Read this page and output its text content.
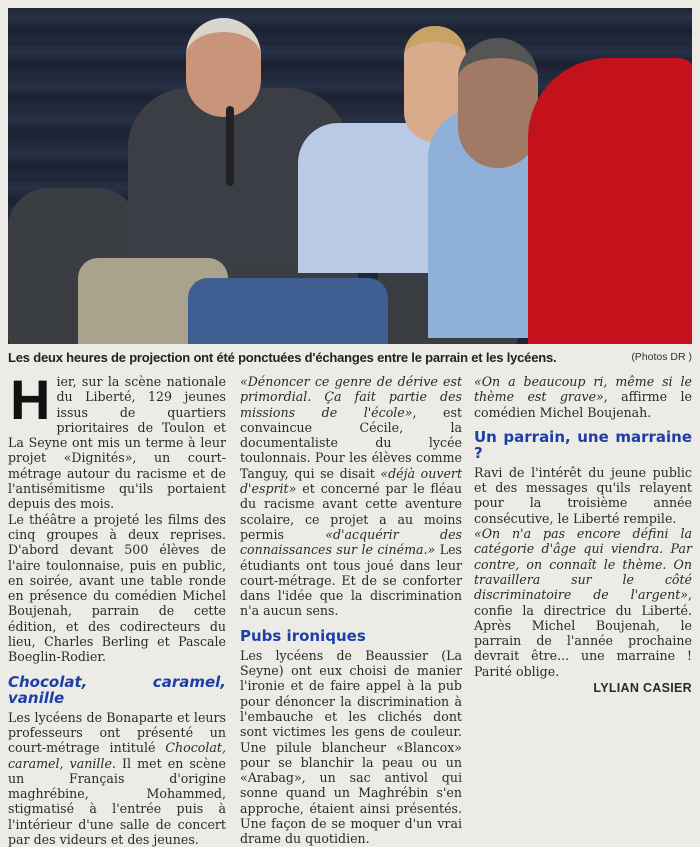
Les deux heures de projection ont été ponctuées d'échanges entre le parrain et les lycéens.	(Photos DR )

Hier, sur la scène nationale du Liberté, 129 jeunes issus de quartiers prioritaires de Toulon et La Seyne ont mis un terme à leur projet «Dignités», un court-métrage autour du racisme et de l'antisémitisme qu'ils portaient depuis des mois.

Le théâtre a projeté les films des cinq groupes à deux reprises. D'abord devant 500 élèves de l'aire toulonnaise, puis en public, en soirée, avant une table ronde en présence du comédien Michel Boujenah, parrain de cette édition, et des codirecteurs du lieu, Charles Berling et Pascale Boeglin-Rodier.

Chocolat, caramel, vanille

Les lycéens de Bonaparte et leurs professeurs ont présenté un court-métrage intitulé Chocolat, caramel, vanille. Il met en scène un Français d'origine maghrébine, Mohammed, stigmatisé à l'entrée puis à l'intérieur d'une salle de concert par des videurs et des jeunes.

«Dénoncer ce genre de dérive est primordial. Ça fait partie des missions de l'école», est convaincue Cécile, la documentaliste du lycée toulonnais. Pour les élèves comme Tanguy, qui se disait «déjà ouvert d'esprit» et concerné par le fléau du racisme avant cette aventure scolaire, ce projet a au moins permis «d'acquérir des connaissances sur le cinéma.» Les étudiants ont tous joué dans leur court-métrage. Et de se conforter dans l'idée que la discrimination n'a aucun sens.

Pubs ironiques

Les lycéens de Beaussier (La Seyne) ont eux choisi de manier l'ironie et de faire appel à la pub pour dénoncer la discrimination à l'embauche et les clichés dont sont victimes les gens de couleur. Une pilule blancheur «Blancox» pour se blanchir la peau ou un «Arabag», un sac antivol qui sonne quand un Maghrébin s'en approche, étaient ainsi présentés. Une façon de se moquer d'un vrai drame du quotidien.

«On a beaucoup ri, même si le thème est grave», affirme le comédien Michel Boujenah.

Un parrain, une marraine ?

Ravi de l'intérêt du jeune public et des messages qu'ils relayent pour la troisième année consécutive, le Liberté rempile.

«On n'a pas encore défini la catégorie d'âge qui viendra. Par contre, on connaît le thème. On travaillera sur le côté discriminatoire de l'argent», confie la directrice du Liberté. Après Michel Boujenah, le parrain de l'année prochaine devrait être... une marraine ! Parité oblige.

LYLIAN CASIER
